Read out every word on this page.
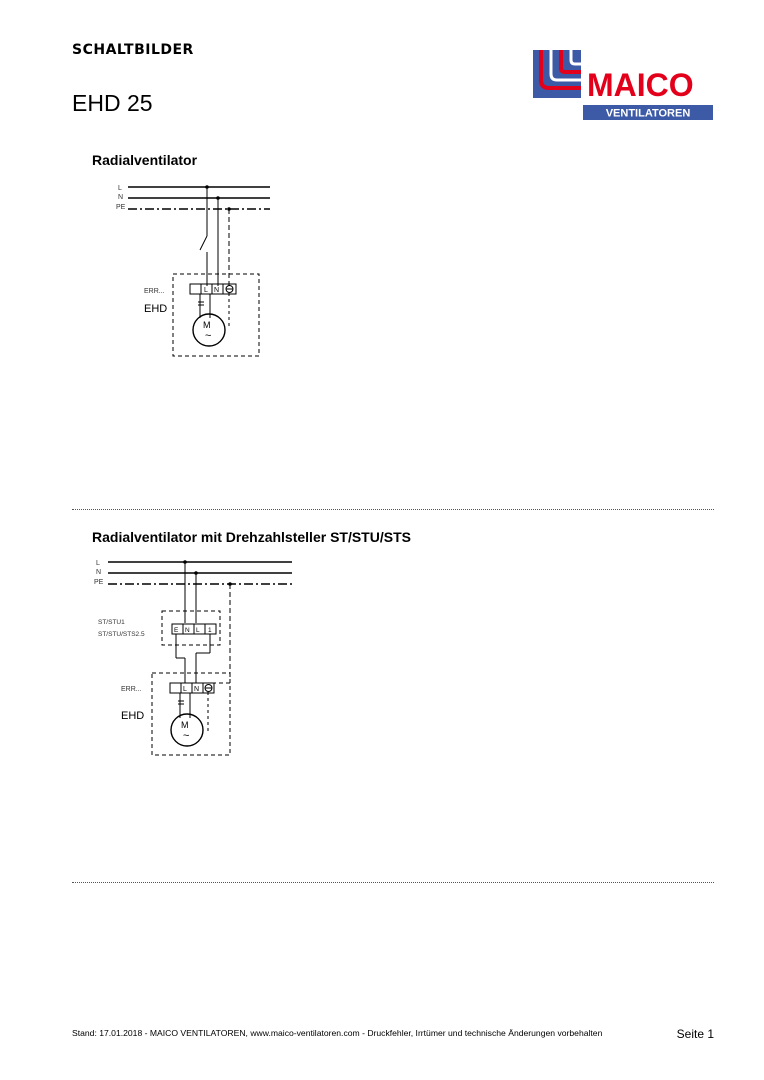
SCHALTBILDER
EHD 25	MAICO
VENTILATOREN
Radialventilator
L
N
PE
ERR...
EHD
L N
M
~
Radialventilator mit Drehzahlsteller ST/STU/STS
L
N
PE
ST/STU1
ST/STU/STS2.5
E N L 1
ERR...
EHD
L N
M
~
Stand: 17.01.2018 - MAICO VENTILATOREN, www.maico-ventilatoren.com - Druckfehler, Irrtümer und technische Änderungen vorbehalten	Seite 1
